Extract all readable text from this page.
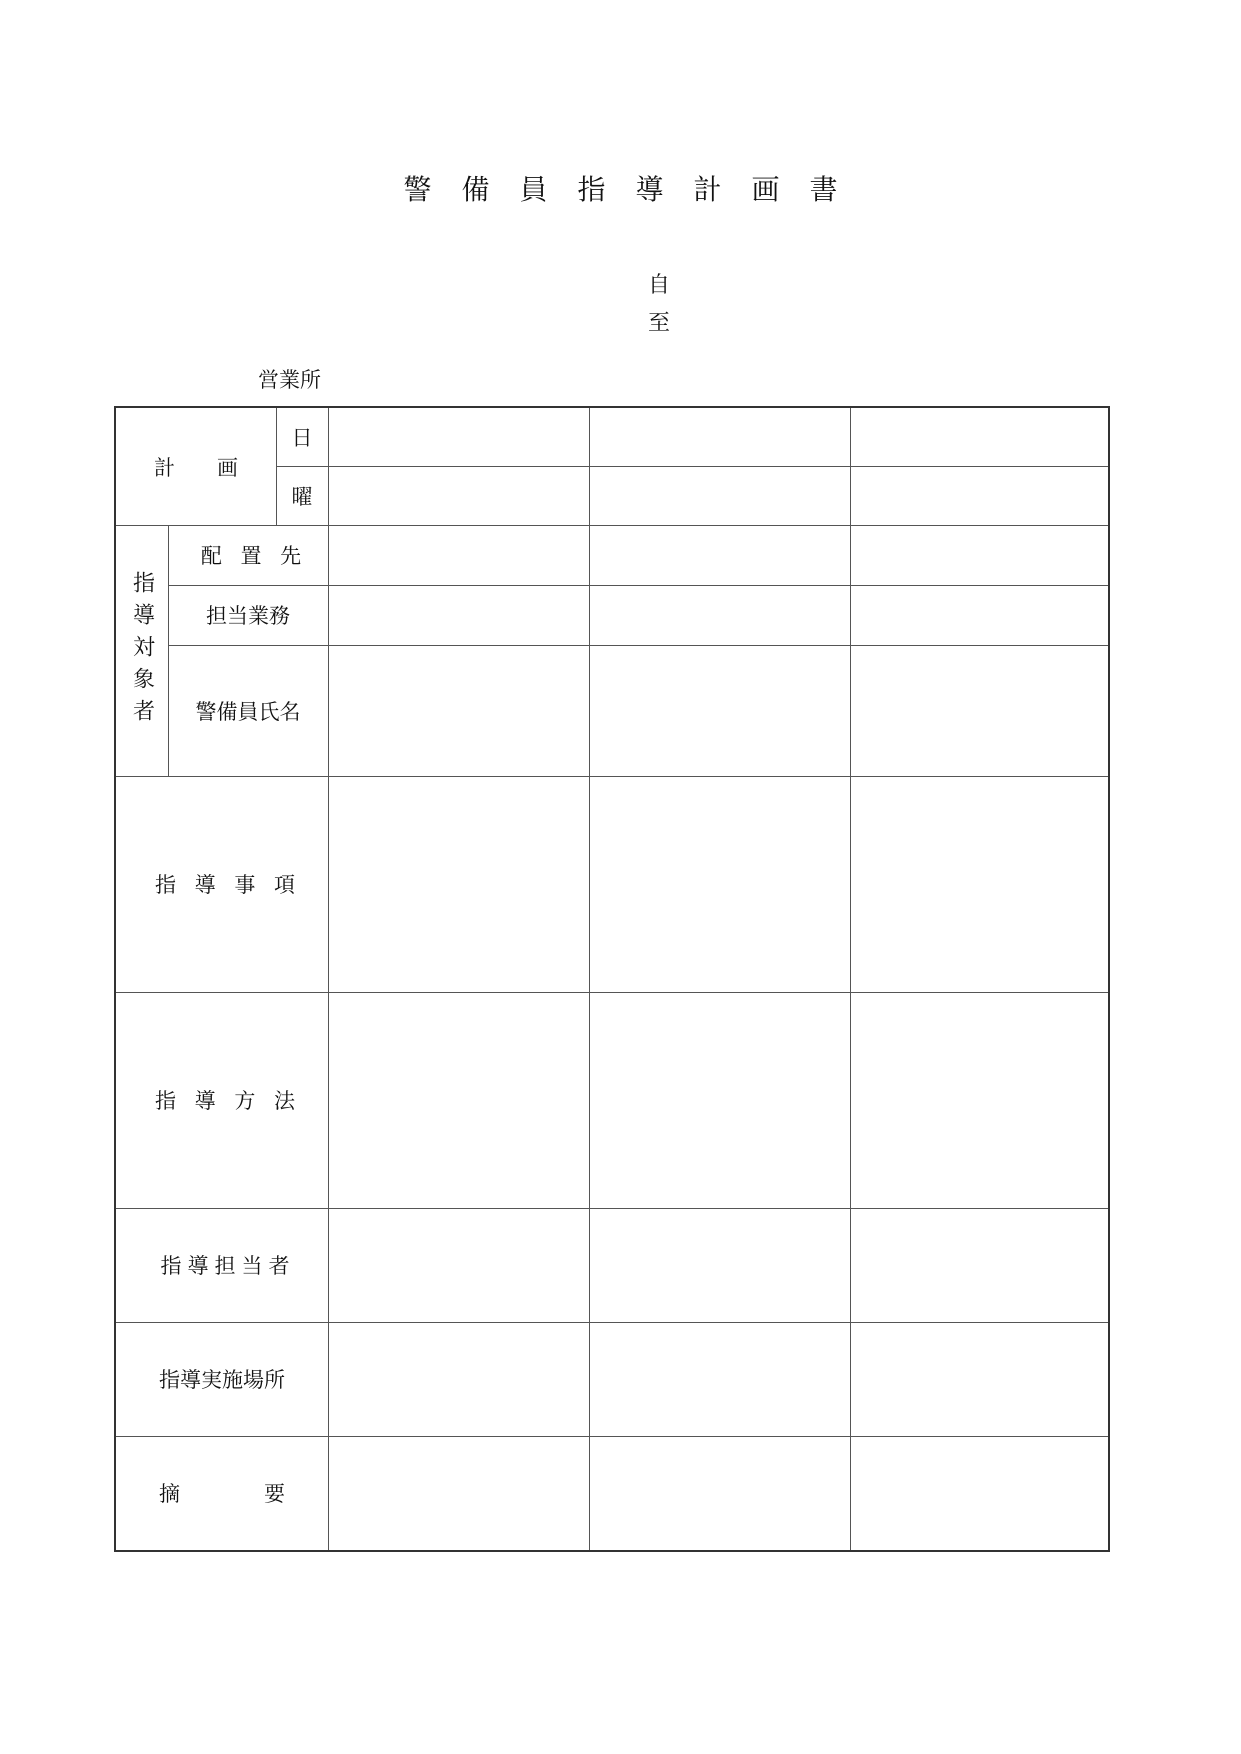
警備員指導計画書
自
至
営業所
計　　画
日
曜
指導対象者
配 置 先
担当業務
警備員氏名
指 導 事 項
指 導 方 法
指導担当者
指導実施場所
摘　　　　要
